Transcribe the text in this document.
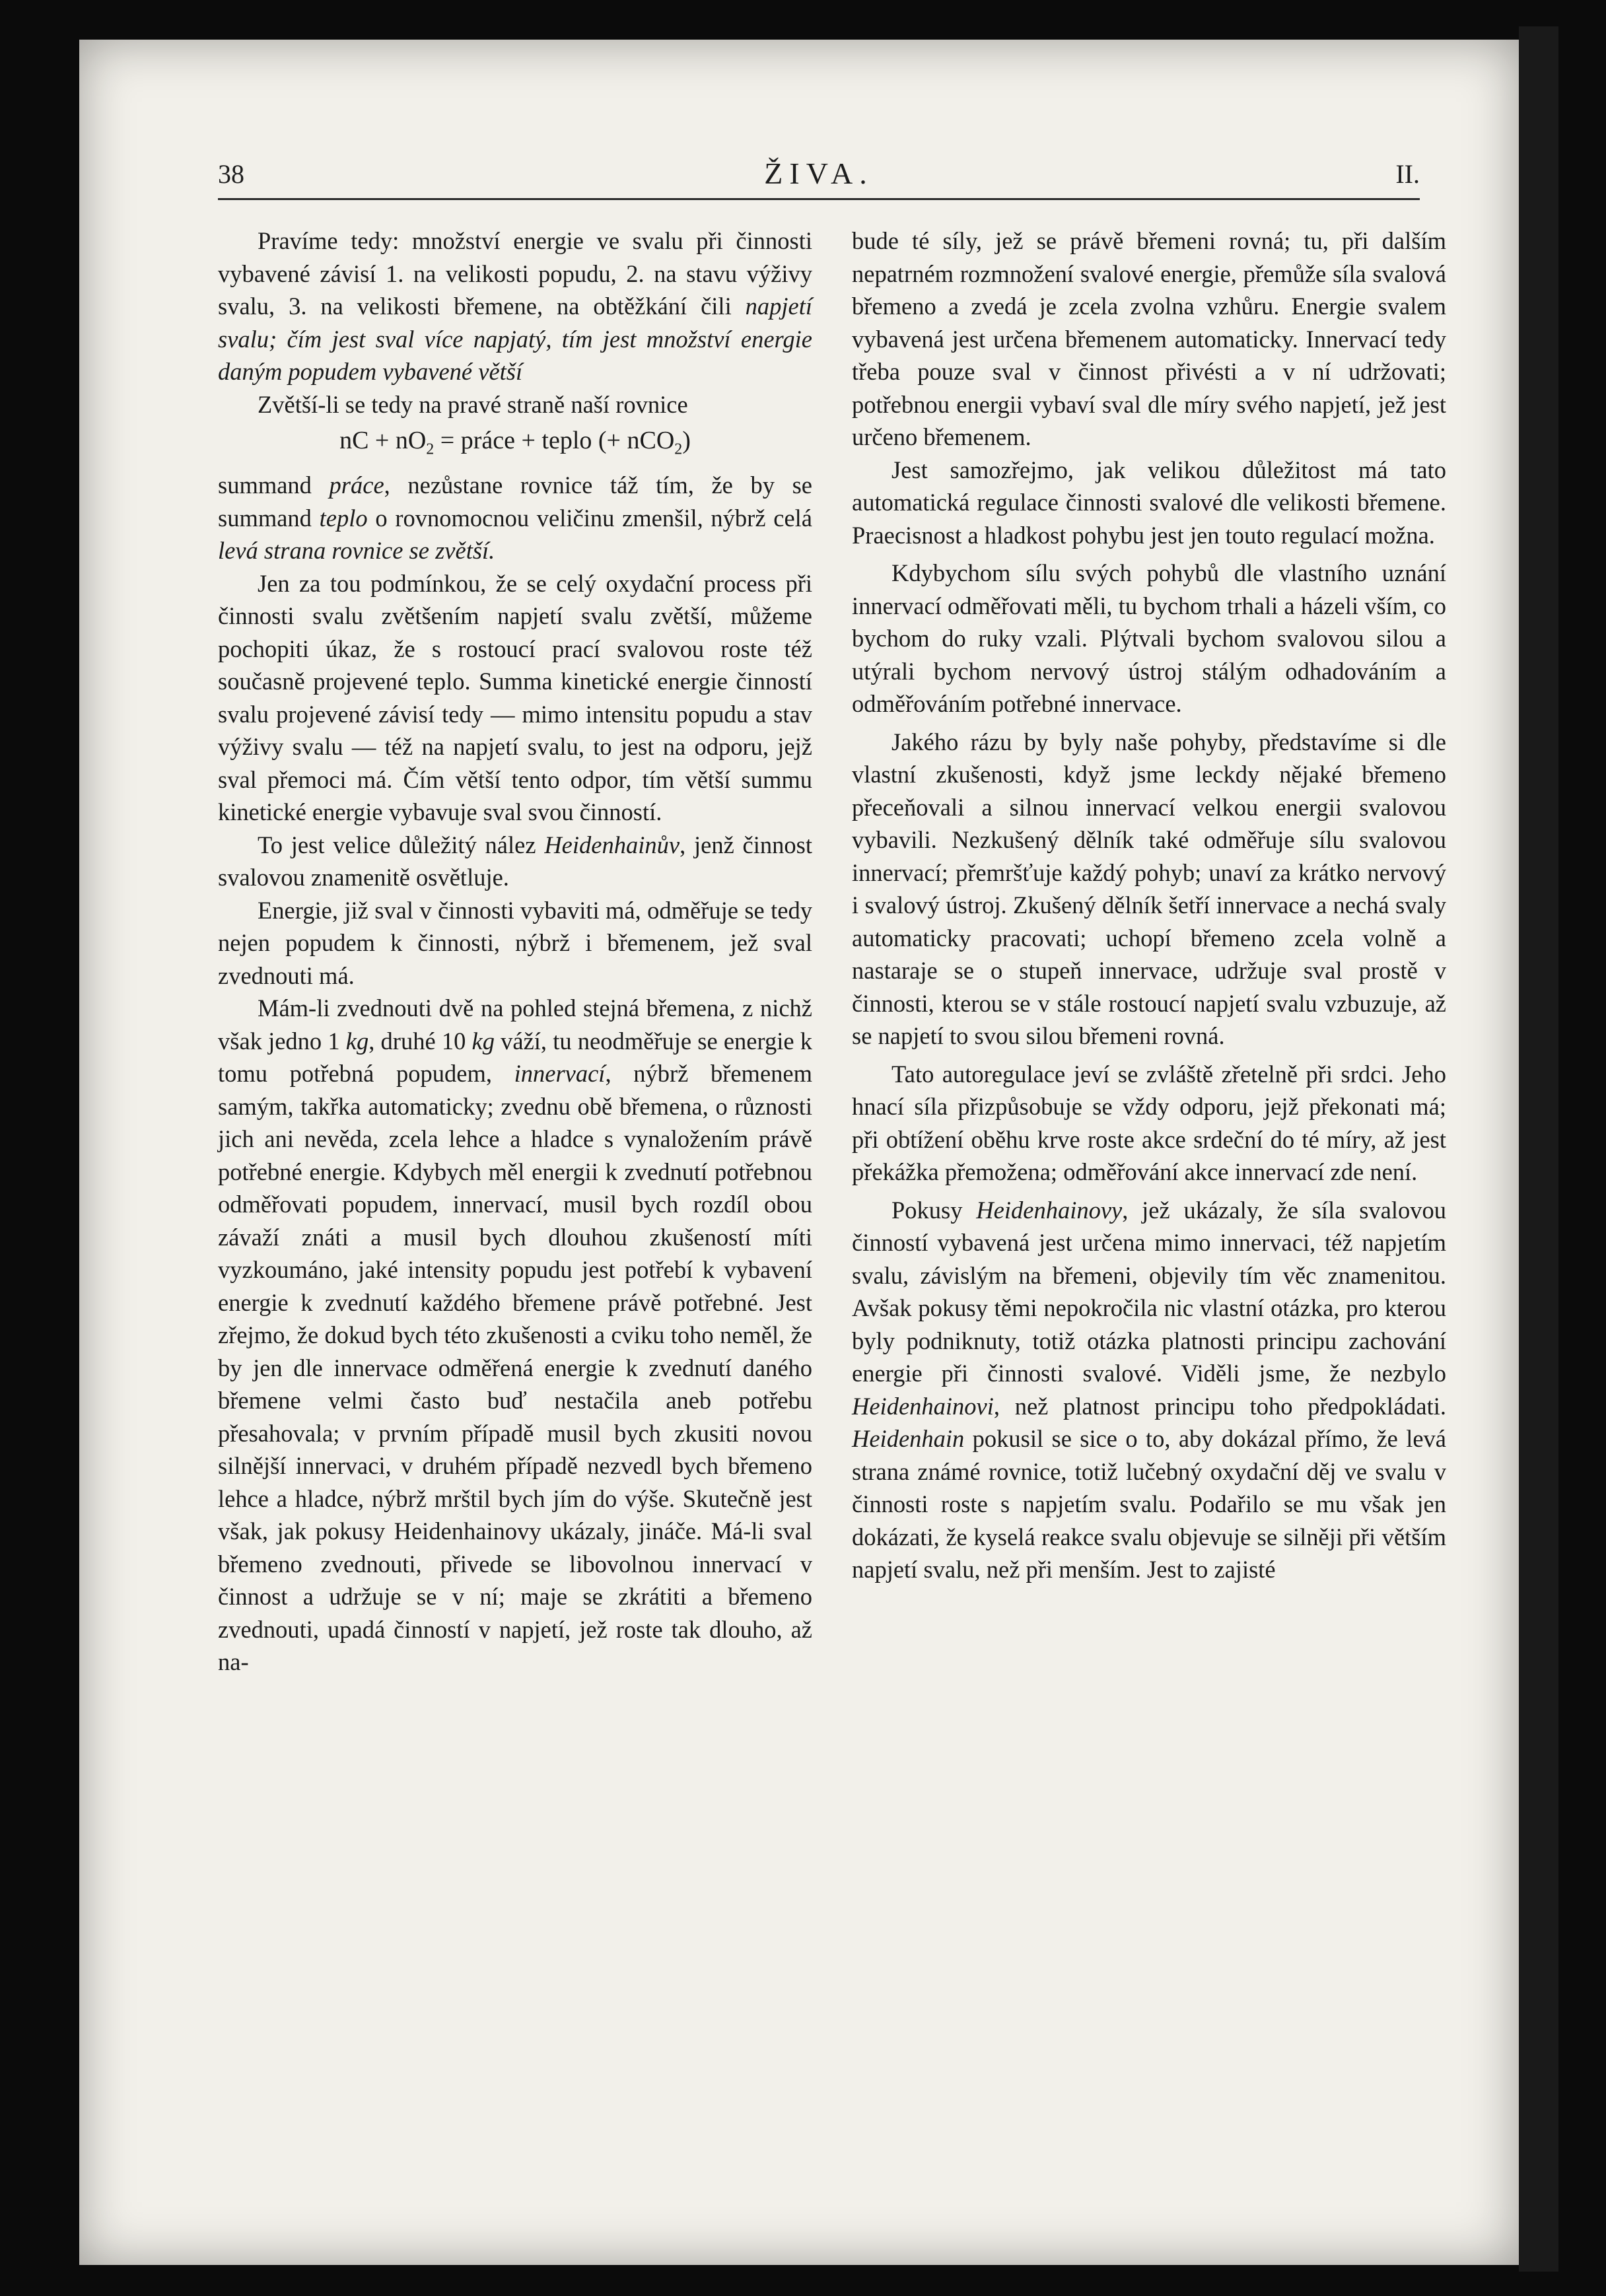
38	ŽIVA.	II.

Pravíme tedy: množství energie ve svalu při činnosti vybavené závisí 1. na velikosti popudu, 2. na stavu výživy svalu, 3. na velikosti břemene, na obtěžkání čili napjetí svalu; čím jest sval více napjatý, tím jest množství energie daným popudem vybavené větší

Zvětší-li se tedy na pravé straně naší rovnice

nC + $nO_2$ = práce + teplo (+ nCO$_2$)

summand práce, nezůstane rovnice táž tím, že by se summand teplo o rovnomocnou veličinu zmenšil, nýbrž celá levá strana rovnice se zvětší.

Jen za tou podmínkou, že se celý oxydační process při činnosti svalu zvětšením napjetí svalu zvětší, můžeme pochopiti úkaz, že s rostoucí prací svalovou roste též současně projevené teplo. Summa kinetické energie činností svalu projevené závisí tedy — mimo intensitu popudu a stav výživy svalu — též na napjetí svalu, to jest na odporu, jejž sval přemoci má. Čím větší tento odpor, tím větší summu kinetické energie vybavuje sval svou činností.

To jest velice důležitý nález Heidenhainův, jenž činnost svalovou znamenitě osvětluje.

Energie, již sval v činnosti vybaviti má, odměřuje se tedy nejen popudem k činnosti, nýbrž i břemenem, jež sval zvednouti má.

Mám-li zvednouti dvě na pohled stejná břemena, z nichž však jedno 1 kg, druhé 10 kg váží, tu neodměřuje se energie k tomu potřebná popudem, innervací, nýbrž břemenem samým, takřka automaticky; zvednu obě břemena, o různosti jich ani nevěda, zcela lehce a hladce s vynaložením právě potřebné energie. Kdybych měl energii k zvednutí potřebnou odměřovati popudem, innervací, musil bych rozdíl obou závaží znáti a musil bych dlouhou zkušeností míti vyzkoumáno, jaké intensity popudu jest potřebí k vybavení energie k zvednutí každého břemene právě potřebné. Jest zřejmo, že dokud bych této zkušenosti a cviku toho neměl, že by jen dle innervace odměřená energie k zvednutí daného břemene velmi často buď nestačila aneb potřebu přesahovala; v prvním případě musil bych zkusiti novou silnější innervaci, v druhém případě nezvedl bych břemeno lehce a hladce, nýbrž mrštil bych jím do výše. Skutečně jest však, jak pokusy Heidenhainovy ukázaly, jináče. Má-li sval břemeno zvednouti, přivede se libovolnou innervací v činnost a udržuje se v ní; maje se zkrátiti a břemeno zvednouti, upadá činností v napjetí, jež roste tak dlouho, až na-

bude té síly, jež se právě břemeni rovná; tu, při dalším nepatrném rozmnožení svalové energie, přemůže síla svalová břemeno a zvedá je zcela zvolna vzhůru. Energie svalem vybavená jest určena břemenem automaticky. Innervací tedy třeba pouze sval v činnost přivésti a v ní udržovati; potřebnou energii vybaví sval dle míry svého napjetí, jež jest určeno břemenem.

Jest samozřejmo, jak velikou důležitost má tato automatická regulace činnosti svalové dle velikosti břemene. Praecisnost a hladkost pohybu jest jen touto regulací možna.

Kdybychom sílu svých pohybů dle vlastního uznání innervací odměřovati měli, tu bychom trhali a házeli vším, co bychom do ruky vzali. Plýtvali bychom svalovou silou a utýrali bychom nervový ústroj stálým odhadováním a odměřováním potřebné innervace.

Jakého rázu by byly naše pohyby, představíme si dle vlastní zkušenosti, když jsme leckdy nějaké břemeno přeceňovali a silnou innervací velkou energii svalovou vybavili. Nezkušený dělník také odměřuje sílu svalovou innervací; přemršťuje každý pohyb; unaví za krátko nervový i svalový ústroj. Zkušený dělník šetří innervace a nechá svaly automaticky pracovati; uchopí břemeno zcela volně a nastaraje se o stupeň innervace, udržuje sval prostě v činnosti, kterou se v stále rostoucí napjetí svalu vzbuzuje, až se napjetí to svou silou břemeni rovná.

Tato autoregulace jeví se zvláště zřetelně při srdci. Jeho hnací síla přizpůsobuje se vždy odporu, jejž překonati má; při obtížení oběhu krve roste akce srdeční do té míry, až jest překážka přemožena; odměřování akce innervací zde není.

Pokusy Heidenhainovy, jež ukázaly, že síla svalovou činností vybavená jest určena mimo innervaci, též napjetím svalu, závislým na břemeni, objevily tím věc znamenitou. Avšak pokusy těmi nepokročila nic vlastní otázka, pro kterou byly podniknuty, totiž otázka platnosti principu zachování energie při činnosti svalové. Viděli jsme, že nezbylo Heidenhainovi, než platnost principu toho předpokládati. Heidenhain pokusil se sice o to, aby dokázal přímo, že levá strana známé rovnice, totiž lučebný oxydační děj ve svalu v činnosti roste s napjetím svalu. Podařilo se mu však jen dokázati, že kyselá reakce svalu objevuje se silněji při větším napjetí svalu, než při menším. Jest to zajisté
